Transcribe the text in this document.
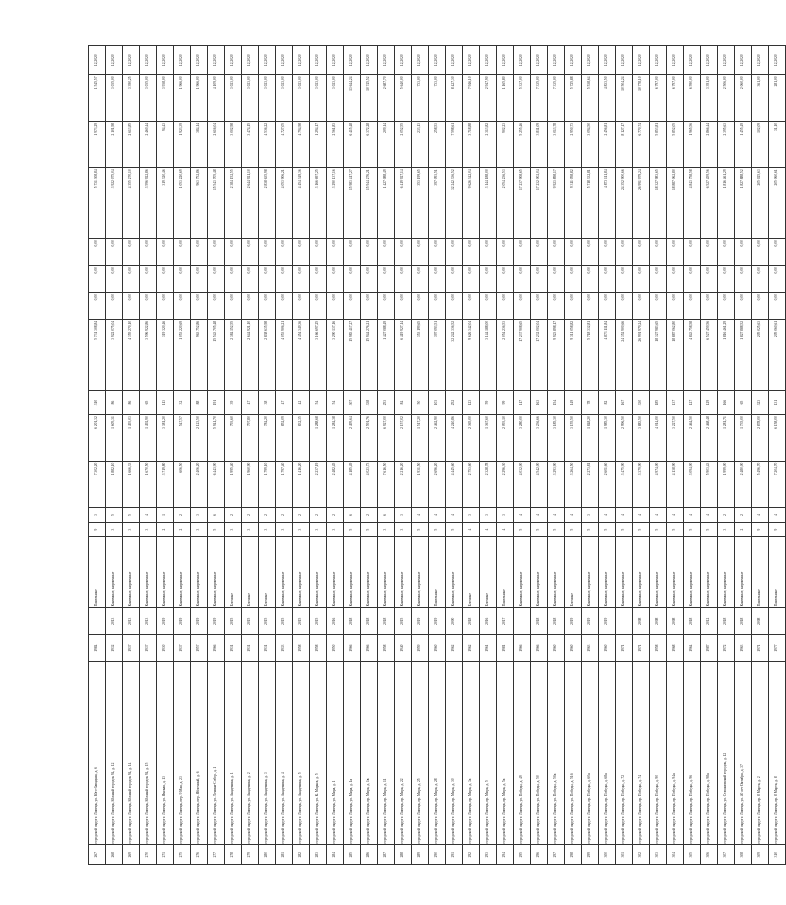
267	городской округ г. Липецк, ул. Юго-Западная, д. 6	1984		Панельные	9	3	7 302,20	6 201,32	310	5 731 308,84	0,00	0,00	0,00	5 731 308,84	1 973,29	1 545,57	12,2020
268	городской округ г. Липецк, Южный городок 94, д. 12	1932	2013	Каменные, кирпичные	3	5	1 882,10	1 605,31	86	3 922 075,04	0,00	0,00	0,00	3 922 075,04	2 101,98	3 035,00	12,2020
269	городской округ г. Липецк, Южный городок 94, д. 14	1937	2013	Каменные, кирпичные	3	5	1 666,33	1 493,03	86	4 355 270,10	0,00	0,00	0,00	4 355 270,10	2 613,85	3 390,25	12,2020
270	городской округ г. Липецк, Южный городок 94, д. 15	1937	2013	Каменные, кирпичные	3	4	1 670,50	1 492,90	65	3 596 922,86	0,00	0,00	0,00	3 596 922,86	2 460,44	3 035,00	12,2020
271	городской округ г. Липецк, ул. Ямская, д. 13	1930	2019	Каменные, кирпичные	2	1	3 719,80	3 381,20	113	319 320,46	0,00	0,00	0,00	319 320,46	94,43	3 938,00	12,2020
275	городской округ г. Липецк, пер. 9 Мая, д. 23	1937	2019	Каменные, кирпичные	2	2	606,50	547,57	32	1 053 220,69	0,00	0,00	0,00	1 053 220,69	1 923,39	1 966,00	12,2020
276	городской округ г. Липецк, пер. Яблочный, д. 6	1957	2019	Каменные, кирпичные	3	3	2 406,20	2 123,50	88	963 752,86	0,00	0,00	0,00	963 752,86	384,14	1 966,00	12,2020
277	городской округ г. Липецк, ул. Ленина-Собор. д. 1	1966	2019	Каменные, кирпичные	5	6	6 443,90	5 941,70	191	15 543 705,48	0,00	0,00	0,00	15 543 705,48	2 616,04	4 109,00	12,2020
278	городской округ г. Липецк, ул. Академика, д. 1	1931	2015	Блочные	3	2	1 995,40	793,60	39	2 384 152,55	0,00	0,00	0,00	2 384 152,55	3 002,98	3 023,00	12,2020
279	городской округ г. Липецк, ул. Академика, д. 2	1931	2015	Блочные	3	2	1 960,90	797,80	47	2 644 921,10	0,00	0,00	0,00	2 644 921,10	3 474,15	3 023,00	12,2020
280	городской округ г. Липецк, ул. Академика, д. 3	1931	2015	Блочные	3	2	1 799,10	784,20	38	2 838 635,98	0,00	0,00	0,00	2 838 635,98	4 536,22	3 023,00	12,2020
281	городской округ г. Липецк, ул. Академика, д. 4	1933	2015	Каменные, кирпичные	3	2	1 797,40	852,09	47	4 053 906,21	0,00	0,00	0,00	4 053 906,21	4 727,05	3 023,00	12,2020
282	городской округ г. Липецк, ул. Академика, д. 5	1958	2015	Каменные, кирпичные	3	2	1 416,20	832,35	42	4 454 349,36	0,00	0,00	0,00	4 454 349,36	4 794,98	3 023,00	12,2020
283	городской округ г. Липецк, ул. К. Маркса, д. 5	1958	2015	Каменные, кирпичные	3	2	2 237,19	1 288,68	54	3 166 697,25	0,00	0,00	0,00	3 166 697,25	1 294,17	3 023,00	12,2020
284	городской округ г. Липецк, ул. Мира, д. 1	1950	2016	Каменные, кирпичные	3	2	2 482,45	1 284,38	54	3 290 137,16	0,00	0,00	0,00	3 290 137,16	2 561,83	3 023,00	12,2020
285	городской округ г. Липецк, ул. Мира, д. 1а	1966	2018	Каменные, кирпичные	5	6	4 185,49	2 495,64	307	15 983 417,27	0,00	0,00	0,00	15 983 417,27	6 415,48	13 644,24	12,2020
286	городской округ г. Липецк, пр. Мира, д. 1в	1966	2018	Каменные, кирпичные	5	2	4 023,73	2 591,76	338	15 944 276,21	0,00	0,00	0,00	15 944 276,21	6 372,28	10 745,52	12,2020
287	городской округ г. Липецк, пр. Мира, д. 11	1958	2018	Каменные, кирпичные	3	6	7 616,50	6 927,00	253	1 427 088,49	0,00	0,00	0,00	1 427 088,49	209,14	2 687,70	12,2020
288	городской округ г. Липецк, пр. Мира, д. 22	1940	2015	Каменные, кирпичные	3	3	2 216,20	2 157,02	84	6 419 927,14	0,00	0,00	0,00	6 419 927,14	2 052,55	5 640,00	12,2020
289	городской округ г. Липецк, пр. Мира, д. 25	1959	2019	Каменные, кирпичные	5	4	1 931,50	1 517,20	50	353 199,65	0,00	0,00	0,00	353 199,65	233,13	733,00	12,2020
290	городской округ г. Липецк, пр. Мира, д. 28	1960	2019	Панельные	5	4	2 696,20	2 462,90	103	397 093,51	0,00	0,00	0,00	397 093,51	258,53	733,00	12,2020
291	городской округ г. Липецк, пр. Мира, д. 30	1962	2000	Каменные, кирпичные	5	4	4 445,60	4 240,86	252	32 242 336,52	0,00	0,00	0,00	32 242 336,52	7 598,61	8 427,30	12,2020
292	городской округ г. Липецк, пр. Мира, д. 3а	1962	2018	Блочные	4	3	2 753,60	2 365,00	123	9 626 342,04	0,00	0,00	0,00	9 626 342,04	3 718,88	7 946,10	12,2020
293	городской округ г. Липецк, пр. Мира, д. 5	1961	2016	Блочные	4	3	2 328,78	1 367,60	59	3 144 188,00	0,00	0,00	0,00	3 144 188,00	2 313,82	2 947,90	12,2020
294	городской округ г. Липецк, пр. Мира, д. 5а	1981	2017	Панельные	4	3	2 296,30	2 093,10	99	2 054 236,53	0,00	0,00	0,00	2 054 236,53	902,23	1 165,80	12,2020
295	городской округ г. Липецк, ул. Победы, д. 49	1966		Каменные, кирпичные	5	4	4 032,00	3 280,00	117	17 237 908,65	0,00	0,00	0,00	17 237 908,65	5 255,46	5 337,00	12,2020
296	городской округ г. Липецк, ул. Победы, д. 50	1966	2018	Каменные, кирпичные	5	4	4 542,00	3 236,66	163	17 232 002,04	0,00	0,00	0,00	17 232 002,04	3 811,09	7 335,00	12,2020
297	городской округ г. Липецк, ул. Победы, д. 50а	1960	2018	Каменные, кирпичные	5	4	3 293,90	3 185,30	154	9 923 898,17	0,00	0,00	0,00	9 923 898,17	3 013,78	7 335,00	12,2020
298	городской округ г. Липецк, ул. Победы, д. 51б	1960	2019	Блочные	5	4	3 264,50	3 155,50	149	9 311 058,82	0,00	0,00	0,00	9 311 058,82	2 950,73	5 725,88	12,2020
299	городской округ г. Липецк, пр. Победы, д. 60а	1963	2019	Каменные, кирпичные	5	3	2 273,81	1 848,20	78	5 718 332,81	0,00	0,00	0,00	5 718 332,81	3 094,50	5 538,64	12,2020
300	городской округ г. Липецк, пр. Победы, д. 68а	1960	2019	Каменные, кирпичные	5	4	2 601,60	1 985,30	82	4 873 111,84	0,00	0,00	0,00	4 873 111,84	2 456,81	4 833,50	12,2020
301	городской округ г. Липецк, пр. Победы, д. 72	1971		Каменные, кирпичные	5	4	3 475,90	2 996,50	167	24 352 900,66	0,00	0,00	0,00	24 352 900,66	8 127,17	10 504,24	12,2020
302	городской округ г. Липецк, пр. Победы, д. 74	1971	2008	Каменные, кирпичные	5	4	3 379,90	3 883,50	330	26 991 979,24	0,00	0,00	0,00	26 991 979,24	6 770,74	10 778,10	12,2020
303	городской округ г. Липецк, пр. Победы, д. 90	1958	2008	Каменные, кирпичные	5	4	4 974,00	4 014,00	185	18 327 983,65	0,00	0,00	0,00	18 327 983,65	5 853,81	6 797,00	12,2020
304	городской округ г. Липецк, пр. Победы, д. 94а	1968	2008	Каменные, кирпичные	5	4	4 138,90	3 227,50	137	18 887 062,80	0,00	0,00	0,00	18 887 062,80	5 852,05	6 797,00	12,2020
305	городской округ г. Липецк, пр. Победы, д. 96	1964	2018	Каменные, кирпичные	5	4	3 094,00	2 464,50	127	4 843 758,58	0,00	0,00	0,00	4 843 758,58	1 965,56	6 590,00	12,2020
306	городской округ г. Липецк, пр. Победы, д. 98а	1987	2012	Каменные, кирпичные	5	4	5 903,43	2 468,48	129	6 527 459,56	0,00	0,00	0,00	6 527 459,56	2 866,44	3 391,00	12,2020
307	городской округ г. Липецк, ул. Стахановский городок, д. 12	1972	2018	Каменные, кирпичные	3	2	1 999,00	1 281,71	166	1 816 461,29	0,00	0,00	0,00	1 816 461,29	2 395,63	2 506,00	12,2020
308	городской округ г. Липецк, ул. 40 лет Октября, д. 37	1963	2018	Каменные, кирпичные	2	2	2 480,00	1 735,00	65	1 827 888,52	0,00	0,00	0,00	1 827 888,52	1 455,49	2 060,00	12,2020
309	городской округ г. Липецк, пр. 8 Марта, д. 2	1971	2008	Панельные	9	4	5 496,70	2 878,00	323	205 025,63	0,00	0,00	0,00	205 025,63	102,09	361,00	12,2020
310	городской округ г. Липецк, пр. 8 Марта, д. 8	1977		Панельные	9	4	7 204,70	6 158,00	131	205 060,61	0,00	0,00	0,00	205 060,61	31,10	281,00	12,2020
